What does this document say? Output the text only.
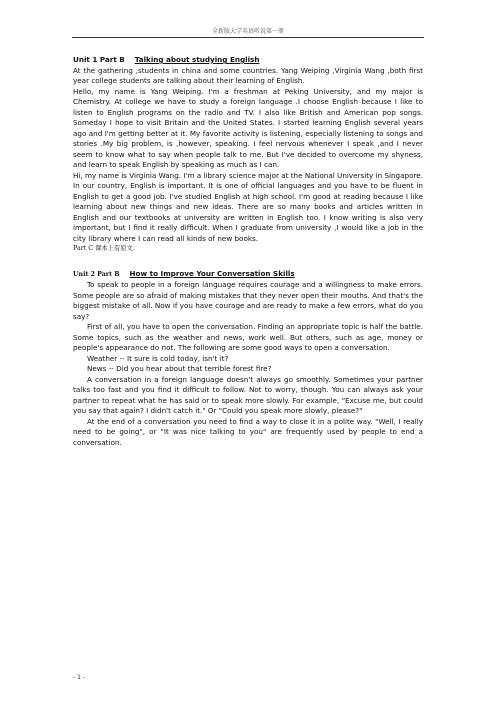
全新版大学英语听说第一册

Unit 1 Part B Talking about studying English

At the gathering ,students in china and some countries. Yang Weiping ,Virginia Wang ,both first year college students are talking about their learning of English.

Hello, my name is Yang Weiping. I'm a freshman at Peking University, and my major is Chemistry. At college we have to study a foreign language .I choose English because I like to listen to English programs on the radio and TV. I also like British and American pop songs. Someday I hope to visit Britain and the United States. I started learning English several years ago and I'm getting better at it. My favorite activity is listening, especially listening to songs and stories .My big problem, is ,however, speaking. I feel nervous whenever I speak ,and I never seem to know what to say when people talk to me. But I've decided to overcome my shyness, and learn to speak English by speaking as much as I can.

Hi, my name is Virginia Wang. I'm a library science major at the National University in Singapore. In our country, English is important. It is one of official languages and you have to be fluent in English to get a good job. I've studied English at high school. I'm good at reading because I like learning about new things and new ideas. There are so many books and articles written in English and our textbooks at university are written in English too. I know writing is also very important, but I find it really difficult. When I graduate from university ,I would like a job in the city library where I can read all kinds of new books.

Part C 课本上有原文.

Unit 2 Part B How to Improve Your Conversation Skills

To speak to people in a foreign language requires courage and a willingness to make errors. Some people are so afraid of making mistakes that they never open their mouths. And that's the biggest mistake of all. Now if you have courage and are ready to make a few errors, what do you say?

First of all, you have to open the conversation. Finding an appropriate topic is half the battle. Some topics, such as the weather and news, work well. But others, such as age, money or people's appearance do not. The following are some good ways to open a conversation.

Weather -- It sure is cold today, isn't it?

News -- Did you hear about that terrible forest fire?

A conversation in a foreign language doesn't always go smoothly. Sometimes your partner talks too fast and you find it difficult to follow. Not to worry, though. You can always ask your partner to repeat what he has said or to speak more slowly. For example, "Excuse me, but could you say that again? I didn't catch it." Or "Could you speak more slowly, please?"

At the end of a conversation you need to find a way to close it in a polite way. "Well, I really need to be going", or "It was nice talking to you" are frequently used by people to end a conversation.

- 1 -
